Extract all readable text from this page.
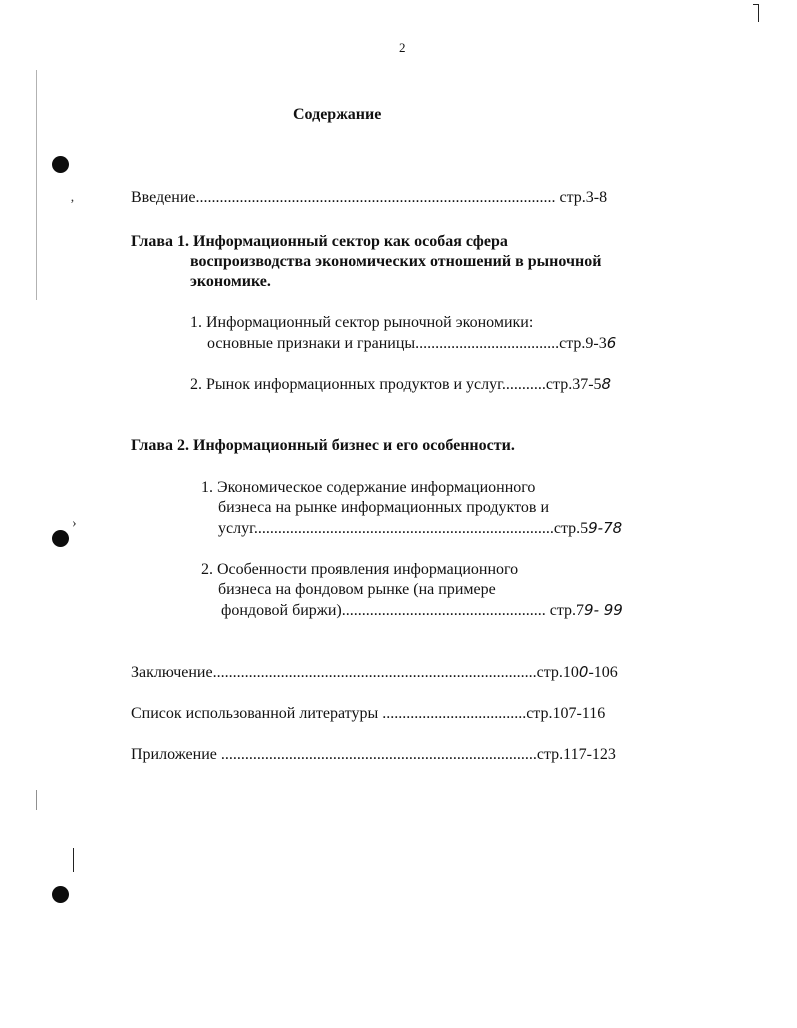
‚
›
2
Содержание
Введение.......................................................................................... стр.3-8
Глава 1. Информационный сектор как особая сфера
воспроизводства экономических отношений в рыночной
экономике.
1. Информационный сектор рыночной экономики:
основные признаки и границы....................................стр.9-36
2. Рынок информационных продуктов и услуг...........стр.37-58
Глава 2. Информационный бизнес и его особенности.
1. Экономическое содержание информационного
бизнеса на рынке информационных продуктов и
услуг...........................................................................стр.59-78
2. Особенности проявления информационного
бизнеса на фондовом рынке (на примере
фондовой биржи)................................................... стр.79- 99
Заключение.................................................................................стр.100-106
Список использованной литературы ....................................стр.107-116
Приложение ...............................................................................стр.117-123
